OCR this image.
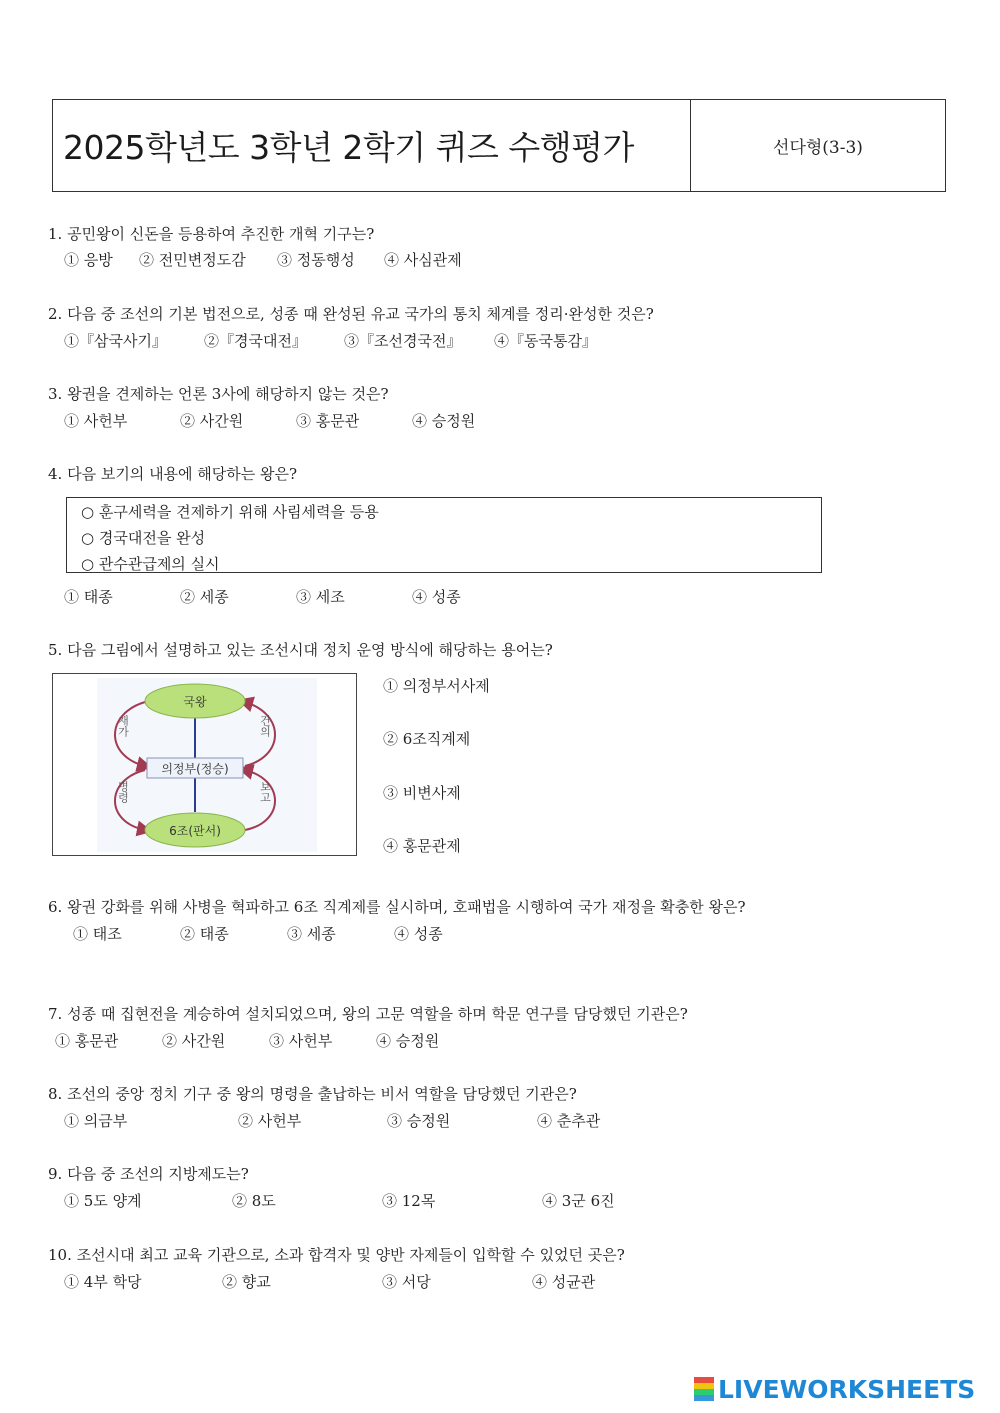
2025학년도 3학년 2학기 퀴즈 수행평가	선다형(3-3)
1. 공민왕이 신돈을 등용하여 추진한 개혁 기구는?
① 응방 ② 전민변정도감 ③ 정동행성 ④ 사심관제
2. 다음 중 조선의 기본 법전으로, 성종 때 완성된 유교 국가의 통치 체계를 정리·완성한 것은?
①『삼국사기』 ②『경국대전』 ③『조선경국전』 ④『동국통감』
3. 왕권을 견제하는 언론 3사에 해당하지 않는 것은?
① 사헌부	② 사간원	③ 홍문관	④ 승정원
4. 다음 보기의 내용에 해당하는 왕은?
○ 훈구세력을 견제하기 위해 사림세력을 등용
○ 경국대전을 완성
○ 관수관급제의 실시
① 태종	② 세종	③ 세조	④ 성종
5. 다음 그림에서 설명하고 있는 조선시대 정치 운영 방식에 해당하는 용어는?
국왕
의정부(정승)
6조(판서)
재가	건의
명령	보고
① 의정부서사제
② 6조직계제
③ 비변사제
④ 홍문관제
6. 왕권 강화를 위해 사병을 혁파하고 6조 직계제를 실시하며, 호패법을 시행하여 국가 재정을 확충한 왕은?
① 태조	② 태종	③ 세종	④ 성종
7. 성종 때 집현전을 계승하여 설치되었으며, 왕의 고문 역할을 하며 학문 연구를 담당했던 기관은?
① 홍문관	② 사간원	③ 사헌부	④ 승정원
8. 조선의 중앙 정치 기구 중 왕의 명령을 출납하는 비서 역할을 담당했던 기관은?
① 의금부	② 사헌부	③ 승정원	④ 춘추관
9. 다음 중 조선의 지방제도는?
① 5도 양계	② 8도	③ 12목	④ 3군 6진
10. 조선시대 최고 교육 기관으로, 소과 합격자 및 양반 자제들이 입학할 수 있었던 곳은?
① 4부 학당	② 향교	③ 서당	④ 성균관
LIVEWORKSHEETS
